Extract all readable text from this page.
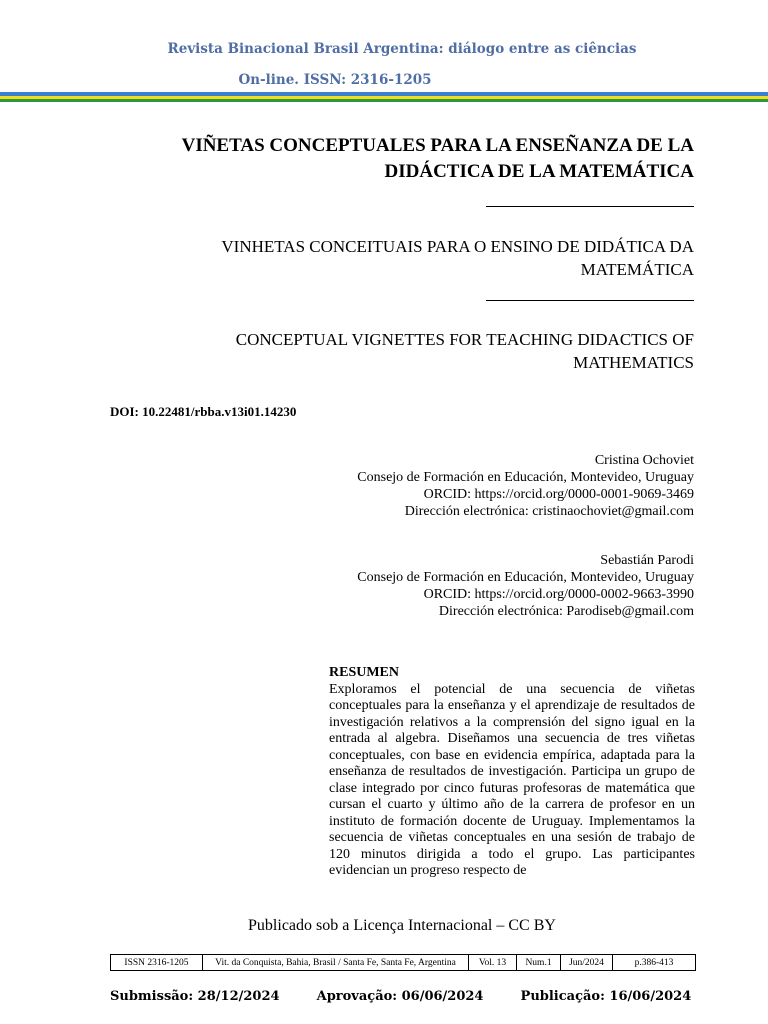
Revista Binacional Brasil Argentina: diálogo entre as ciências
On-line. ISSN: 2316-1205
VIÑETAS CONCEPTUALES PARA LA ENSEÑANZA DE LA
DIDÁCTICA DE LA MATEMÁTICA
VINHETAS CONCEITUAIS PARA O ENSINO DE DIDÁTICA DA
MATEMÁTICA
CONCEPTUAL VIGNETTES FOR TEACHING DIDACTICS OF
MATHEMATICS
DOI: 10.22481/rbba.v13i01.14230
Cristina Ochoviet
Consejo de Formación en Educación, Montevideo, Uruguay
ORCID: https://orcid.org/0000-0001-9069-3469
Dirección electrónica: cristinaochoviet@gmail.com
Sebastián Parodi
Consejo de Formación en Educación, Montevideo, Uruguay
ORCID: https://orcid.org/0000-0002-9663-3990
Dirección electrónica: Parodiseb@gmail.com
RESUMEN
Exploramos el potencial de una secuencia de viñetas conceptuales para la enseñanza y el aprendizaje de resultados de investigación relativos a la comprensión del signo igual en la entrada al algebra. Diseñamos una secuencia de tres viñetas conceptuales, con base en evidencia empírica, adaptada para la enseñanza de resultados de investigación. Participa un grupo de clase integrado por cinco futuras profesoras de matemática que cursan el cuarto y último año de la carrera de profesor en un instituto de formación docente de Uruguay. Implementamos la secuencia de viñetas conceptuales en una sesión de trabajo de 120 minutos dirigida a todo el grupo. Las participantes evidencian un progreso respecto de
Publicado sob a Licença Internacional – CC BY
ISSN 2316-1205	Vit. da Conquista, Bahia, Brasil / Santa Fe, Santa Fe, Argentina	Vol. 13	Num.1	Jun/2024	p.386-413
Submissão: 28/12/2024	Aprovação: 06/06/2024	Publicação: 16/06/2024
